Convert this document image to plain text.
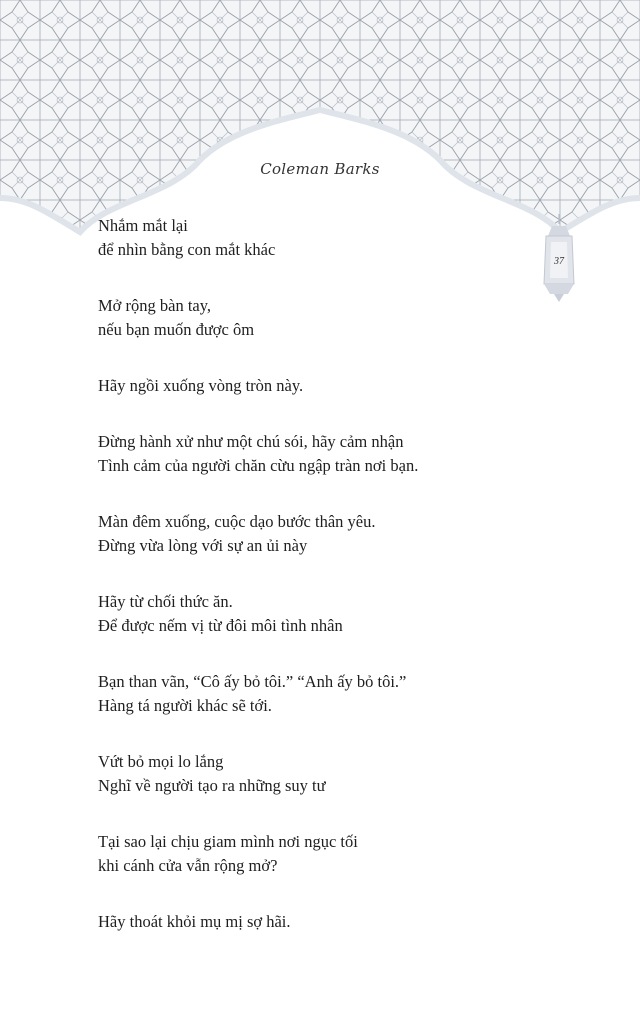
Coleman Barks
37
Nhắm mắt lại
để nhìn bằng con mắt khác
Mở rộng bàn tay,
nếu bạn muốn được ôm
Hãy ngồi xuống vòng tròn này.
Đừng hành xử như một chú sói, hãy cảm nhận
Tình cảm của người chăn cừu ngập tràn nơi bạn.
Màn đêm xuống, cuộc dạo bước thân yêu.
Đừng vừa lòng với sự an ủi này
Hãy từ chối thức ăn.
Để được nếm vị từ đôi môi tình nhân
Bạn than vãn, “Cô ấy bỏ tôi.” “Anh ấy bỏ tôi.”
Hàng tá người khác sẽ tới.
Vứt bỏ mọi lo lắng
Nghĩ về người tạo ra những suy tư
Tại sao lại chịu giam mình nơi ngục tối
khi cánh cửa vẫn rộng mở?
Hãy thoát khỏi mụ mị sợ hãi.
